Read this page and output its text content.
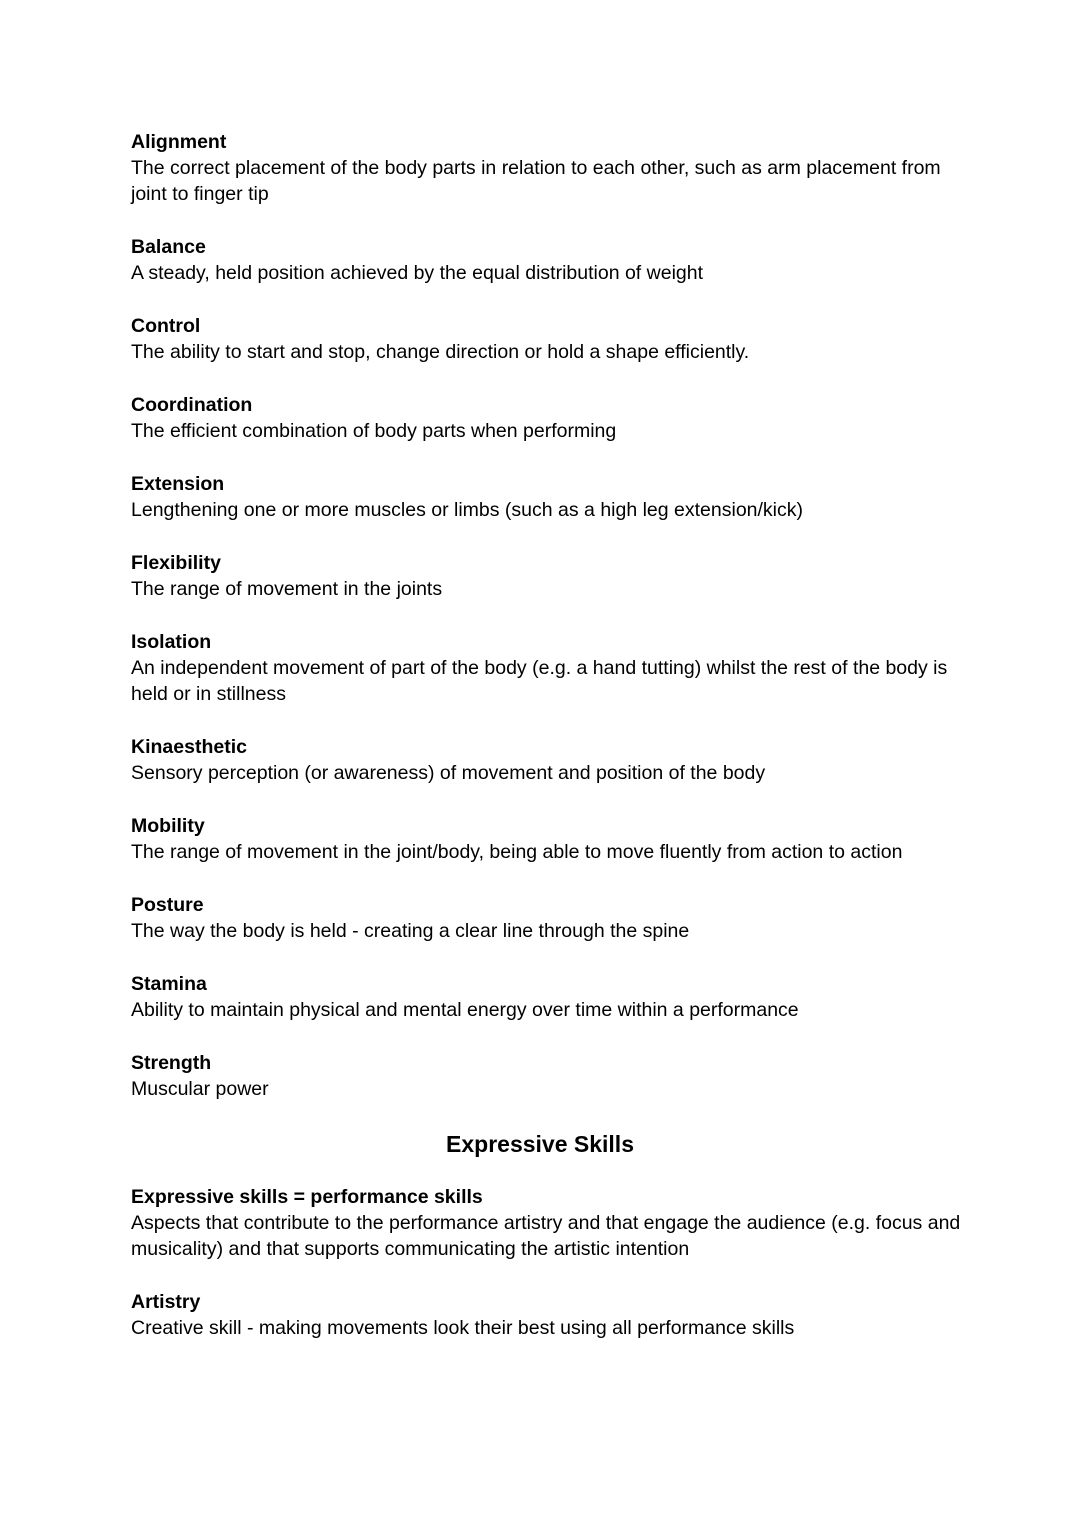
Alignment
The correct placement of the body parts in relation to each other, such as arm placement from joint to finger tip
Balance
A steady, held position achieved by the equal distribution of weight
Control
The ability to start and stop, change direction or hold a shape efficiently.
Coordination
The efficient combination of body parts when performing
Extension
Lengthening one or more muscles or limbs (such as a high leg extension/kick)
Flexibility
The range of movement in the joints
Isolation
An independent movement of part of the body (e.g. a hand tutting) whilst the rest of the body is held or in stillness
Kinaesthetic
Sensory perception (or awareness) of movement and position of the body
Mobility
The range of movement in the joint/body, being able to move fluently from action to action
Posture
The way the body is held - creating a clear line through the spine
Stamina
Ability to maintain physical and mental energy over time within a performance
Strength
Muscular power
Expressive Skills
Expressive skills = performance skills
Aspects that contribute to the performance artistry and that engage the audience (e.g. focus and musicality) and that supports communicating the artistic intention
Artistry
Creative skill - making movements look their best using all performance skills
